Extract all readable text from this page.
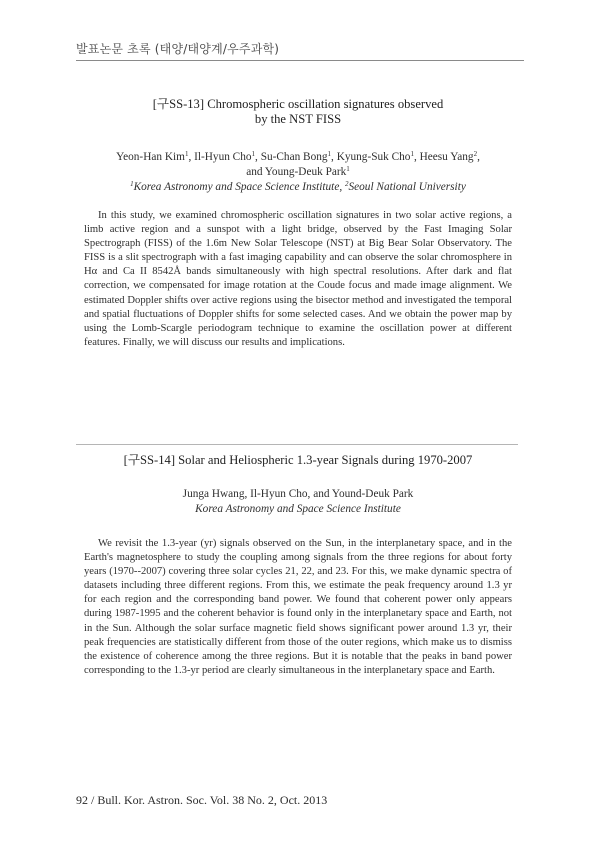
발표논문 초록 (태양/태양계/우주과학)

[구SS-13] Chromospheric oscillation signatures observed
by the NST FISS

Yeon-Han Kim$^1$, Il-Hyun Cho$^1$, Su-Chan Bong$^1$, Kyung-Suk Cho$^1$, Heesu Yang$^2$,
and Young-Deuk Park$^1$

$^1$Korea Astronomy and Space Science Institute, $^2$Seoul National University

In this study, we examined chromospheric oscillation signatures in two solar active regions, a limb active region and a sunspot with a light bridge, observed by the Fast Imaging Solar Spectrograph (FISS) of the 1.6m New Solar Telescope (NST) at Big Bear Solar Observatory. The FISS is a slit spectrograph with a fast imaging capability and can observe the solar chromosphere in Hα and Ca II 8542Å bands simultaneously with high spectral resolutions. After dark and flat correction, we compensated for image rotation at the Coude focus and made image alignment. We estimated Doppler shifts over active regions using the bisector method and investigated the temporal and spatial fluctuations of Doppler shifts for some selected cases. And we obtain the power map by using the Lomb-Scargle periodogram technique to examine the oscillation power at different features. Finally, we will discuss our results and implications.

[구SS-14] Solar and Heliospheric 1.3-year Signals during 1970-2007

Junga Hwang, Il-Hyun Cho, and Yound-Deuk Park

Korea Astronomy and Space Science Institute

We revisit the 1.3-year (yr) signals observed on the Sun, in the interplanetary space, and in the Earth's magnetosphere to study the coupling among signals from the three regions for about forty years (1970--2007) covering three solar cycles 21, 22, and 23. For this, we make dynamic spectra of datasets including three different regions. From this, we estimate the peak frequency around 1.3 yr for each region and the corresponding band power. We found that coherent power only appears during 1987-1995 and the coherent behavior is found only in the interplanetary space and Earth, not in the Sun. Although the solar surface magnetic field shows significant power around 1.3 yr, their peak frequencies are statistically different from those of the outer regions, which make us to dismiss the existence of coherence among the three regions. But it is notable that the peaks in band power corresponding to the 1.3-yr period are clearly simultaneous in the interplanetary space and Earth.

92 / Bull. Kor. Astron. Soc. Vol. 38 No. 2, Oct. 2013
